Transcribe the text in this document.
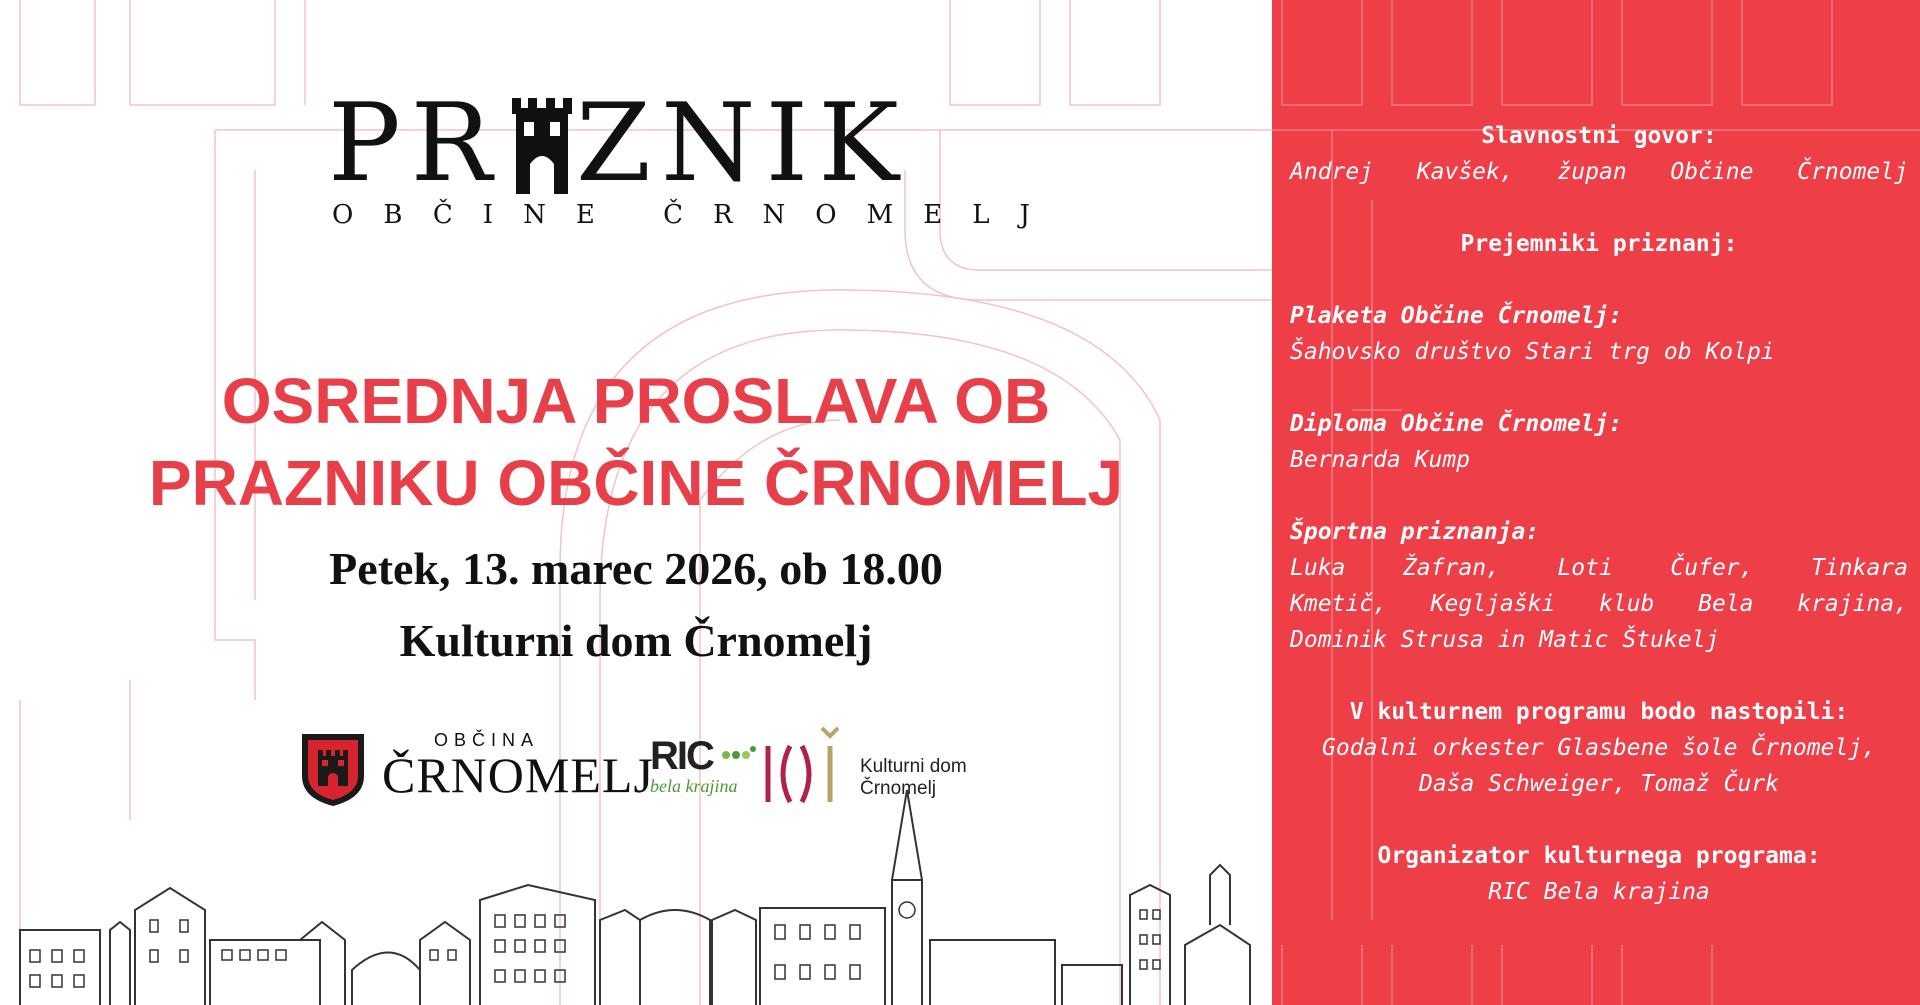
PR ZNIK
OBČINE ČRNOMELJ
OSREDNJA PROSLAVA OB
PRAZNIKU OBČINE ČRNOMELJ
Petek, 13. marec 2026, ob 18.00
Kulturni dom Črnomelj
OBČINA
ČRNOMELJ
RIC
bela krajina
Kulturni dom
Črnomelj
Slavnostni govor:
Andrej Kavšek, župan Občine Črnomelj
Prejemniki priznanj:
Plaketa Občine Črnomelj:
Šahovsko društvo Stari trg ob Kolpi
Diploma Občine Črnomelj:
Bernarda Kump
Športna priznanja:
Luka	Žafran,	Loti	Čufer,	Tinkara
Kmetič, Kegljaški klub Bela krajina,
Dominik Strusa in Matic Štukelj
V kulturnem programu bodo nastopili:
Godalni orkester Glasbene šole Črnomelj,
Daša Schweiger, Tomaž Čurk
Organizator kulturnega programa:
RIC Bela krajina
